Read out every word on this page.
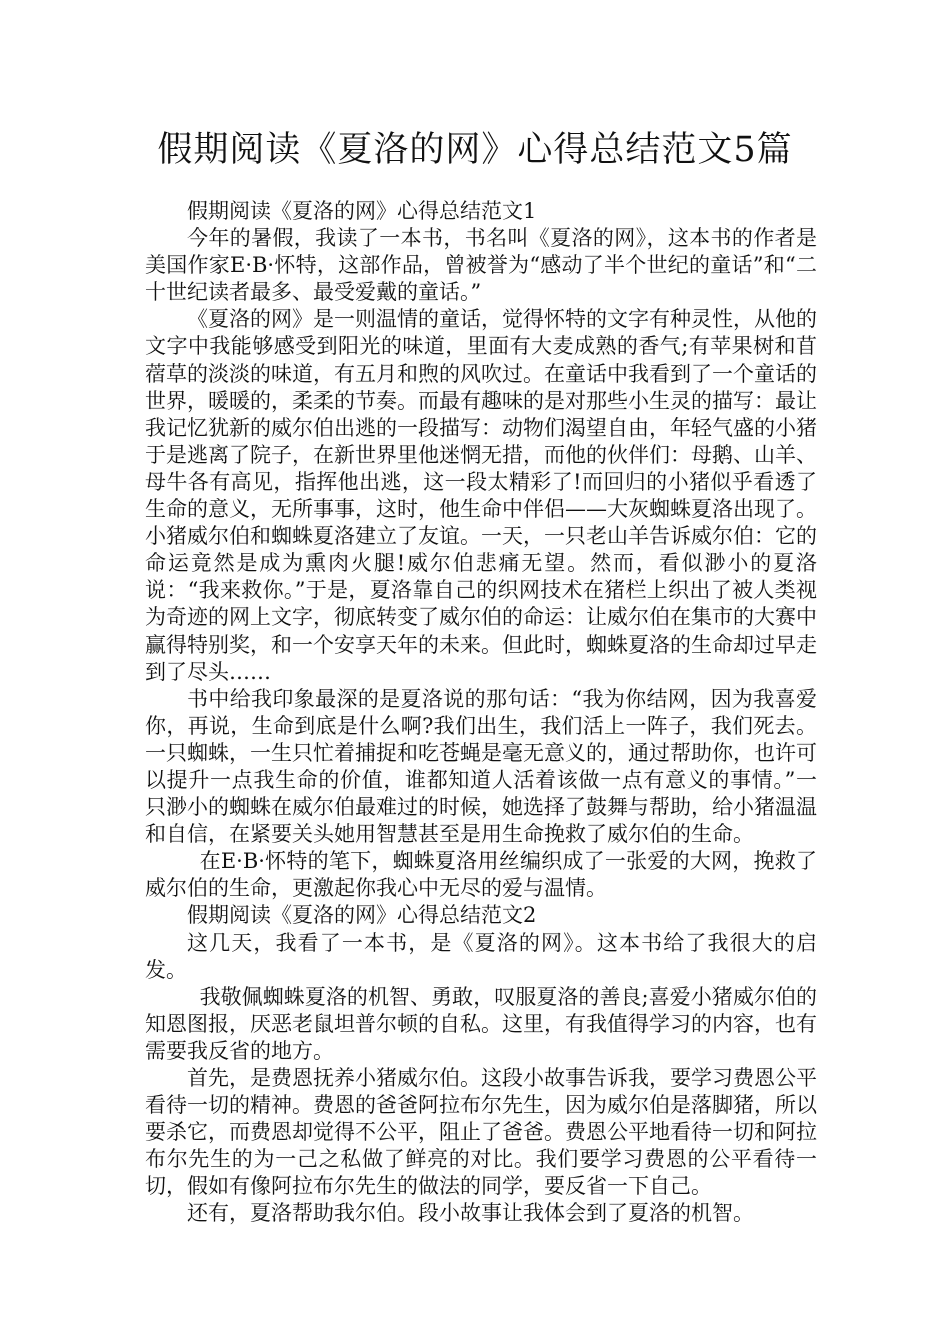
假期阅读《夏洛的网》心得总结范文5篇

假期阅读《夏洛的网》心得总结范文1

今年的暑假，我读了一本书，书名叫《夏洛的网》，这本书的作者是美国作家E·B·怀特，这部作品，曾被誉为“感动了半个世纪的童话”和“二十世纪读者最多、最受爱戴的童话。”

《夏洛的网》是一则温情的童话，觉得怀特的文字有种灵性，从他的文字中我能够感受到阳光的味道，里面有大麦成熟的香气;有苹果树和苜蓿草的淡淡的味道，有五月和煦的风吹过。在童话中我看到了一个童话的世界，暖暖的，柔柔的节奏。而最有趣味的是对那些小生灵的描写：最让我记忆犹新的威尔伯出逃的一段描写：动物们渴望自由，年轻气盛的小猪于是逃离了院子，在新世界里他迷惘无措，而他的伙伴们：母鹅、山羊、母牛各有高见，指挥他出逃，这一段太精彩了!而回归的小猪似乎看透了生命的意义，无所事事，这时，他生命中伴侣——大灰蜘蛛夏洛出现了。小猪威尔伯和蜘蛛夏洛建立了友谊。一天，一只老山羊告诉威尔伯：它的命运竟然是成为熏肉火腿!威尔伯悲痛无望。然而，看似渺小的夏洛说：“我来救你。”于是，夏洛靠自己的织网技术在猪栏上织出了被人类视为奇迹的网上文字，彻底转变了威尔伯的命运：让威尔伯在集市的大赛中赢得特别奖，和一个安享天年的未来。但此时，蜘蛛夏洛的生命却过早走到了尽头……

书中给我印象最深的是夏洛说的那句话：“我为你结网，因为我喜爱你，再说，生命到底是什么啊?我们出生，我们活上一阵子，我们死去。一只蜘蛛，一生只忙着捕捉和吃苍蝇是毫无意义的，通过帮助你，也许可以提升一点我生命的价值，谁都知道人活着该做一点有意义的事情。”一只渺小的蜘蛛在威尔伯最难过的时候，她选择了鼓舞与帮助，给小猪温温和自信，在紧要关头她用智慧甚至是用生命挽救了威尔伯的生命。

在E·B·怀特的笔下，蜘蛛夏洛用丝编织成了一张爱的大网，挽救了威尔伯的生命，更激起你我心中无尽的爱与温情。

假期阅读《夏洛的网》心得总结范文2

这几天，我看了一本书，是《夏洛的网》。这本书给了我很大的启发。

我敬佩蜘蛛夏洛的机智、勇敢，叹服夏洛的善良;喜爱小猪威尔伯的知恩图报，厌恶老鼠坦普尔顿的自私。这里，有我值得学习的内容，也有需要我反省的地方。

首先，是费恩抚养小猪威尔伯。这段小故事告诉我，要学习费恩公平看待一切的精神。费恩的爸爸阿拉布尔先生，因为威尔伯是落脚猪，所以要杀它，而费恩却觉得不公平，阻止了爸爸。费恩公平地看待一切和阿拉布尔先生的为一己之私做了鲜亮的对比。我们要学习费恩的公平看待一切，假如有像阿拉布尔先生的做法的同学，要反省一下自己。

还有，夏洛帮助我尔伯。段小故事让我体会到了夏洛的机智。
